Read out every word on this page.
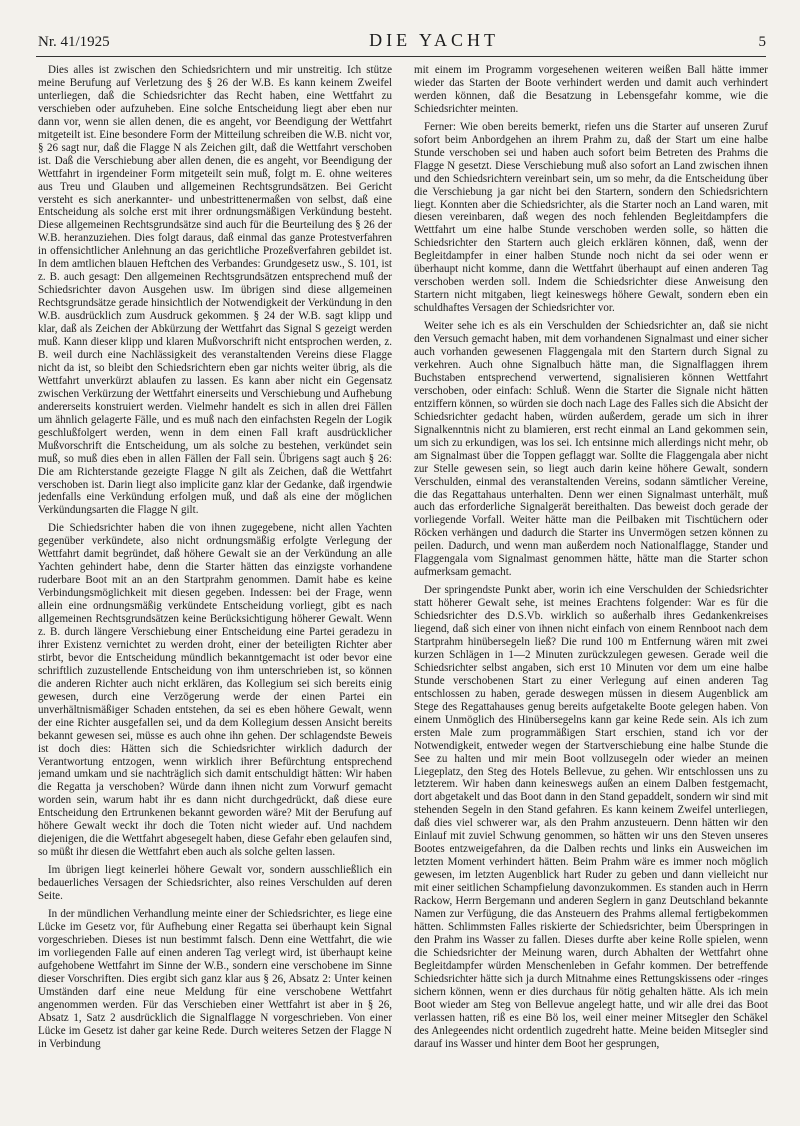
Nr. 41/1925	DIE YACHT	5

Dies alles ist zwischen den Schiedsrichtern und mir unstreitig. Ich stütze meine Berufung auf Verletzung des § 26 der W.B. Es kann keinem Zweifel unterliegen, daß die Schiedsrichter das Recht haben, eine Wettfahrt zu verschieben oder aufzuheben. Eine solche Entscheidung liegt aber eben nur dann vor, wenn sie allen denen, die es angeht, vor Beendigung der Wettfahrt mitgeteilt ist. Eine besondere Form der Mitteilung schreiben die W.B. nicht vor, § 26 sagt nur, daß die Flagge N als Zeichen gilt, daß die Wettfahrt verschoben ist. Daß die Verschiebung aber allen denen, die es angeht, vor Beendigung der Wettfahrt in irgendeiner Form mitgeteilt sein muß, folgt m. E. ohne weiteres aus Treu und Glauben und allgemeinen Rechtsgrundsätzen. Bei Gericht versteht es sich anerkannter- und unbestrittenermaßen von selbst, daß eine Entscheidung als solche erst mit ihrer ordnungsmäßigen Verkündung besteht. Diese allgemeinen Rechtsgrundsätze sind auch für die Beurteilung des § 26 der W.B. heranzuziehen. Dies folgt daraus, daß einmal das ganze Protestverfahren in offensichtlicher Anlehnung an das gerichtliche Prozeßverfahren gebildet ist. In dem amtlichen blauen Heftchen des Verbandes: Grundgesetz usw., S. 101, ist z. B. auch gesagt: Den allgemeinen Rechtsgrundsätzen entsprechend muß der Schiedsrichter davon Ausgehen usw. Im übrigen sind diese allgemeinen Rechtsgrundsätze gerade hinsichtlich der Notwendigkeit der Verkündung in den W.B. ausdrücklich zum Ausdruck gekommen. § 24 der W.B. sagt klipp und klar, daß als Zeichen der Abkürzung der Wettfahrt das Signal S gezeigt werden muß. Kann dieser klipp und klaren Mußvorschrift nicht entsprochen werden, z. B. weil durch eine Nachlässigkeit des veranstaltenden Vereins diese Flagge nicht da ist, so bleibt den Schiedsrichtern eben gar nichts weiter übrig, als die Wettfahrt unverkürzt ablaufen zu lassen. Es kann aber nicht ein Gegensatz zwischen Verkürzung der Wettfahrt einerseits und Verschiebung und Aufhebung andererseits konstruiert werden. Vielmehr handelt es sich in allen drei Fällen um ähnlich gelagerte Fälle, und es muß nach den einfachsten Regeln der Logik geschlußfolgert werden, wenn in dem einen Fall kraft ausdrücklicher Mußvorschrift die Entscheidung, um als solche zu bestehen, verkündet sein muß, so muß dies eben in allen Fällen der Fall sein. Übrigens sagt auch § 26: Die am Richterstande gezeigte Flagge N gilt als Zeichen, daß die Wettfahrt verschoben ist. Darin liegt also implicite ganz klar der Gedanke, daß irgendwie jedenfalls eine Verkündung erfolgen muß, und daß als eine der möglichen Verkündungsarten die Flagge N gilt.

Die Schiedsrichter haben die von ihnen zugegebene, nicht allen Yachten gegenüber verkündete, also nicht ordnungsmäßig erfolgte Verlegung der Wettfahrt damit begründet, daß höhere Gewalt sie an der Verkündung an alle Yachten gehindert habe, denn die Starter hätten das einzigste vorhandene ruderbare Boot mit an an den Startprahm genommen. Damit habe es keine Verbindungsmöglichkeit mit diesen gegeben. Indessen: bei der Frage, wenn allein eine ordnungsmäßig verkündete Entscheidung vorliegt, gibt es nach allgemeinen Rechtsgrundsätzen keine Berücksichtigung höherer Gewalt. Wenn z. B. durch längere Verschiebung einer Entscheidung eine Partei geradezu in ihrer Existenz vernichtet zu werden droht, einer der beteiligten Richter aber stirbt, bevor die Entscheidung mündlich bekanntgemacht ist oder bevor eine schriftlich zuzustellende Entscheidung von ihm unterschrieben ist, so können die anderen Richter auch nicht erklären, das Kollegium sei sich bereits einig gewesen, durch eine Verzögerung werde der einen Partei ein unverhältnismäßiger Schaden entstehen, da sei es eben höhere Gewalt, wenn der eine Richter ausgefallen sei, und da dem Kollegium dessen Ansicht bereits bekannt gewesen sei, müsse es auch ohne ihn gehen. Der schlagendste Beweis ist doch dies: Hätten sich die Schiedsrichter wirklich dadurch der Verantwortung entzogen, wenn wirklich ihrer Befürchtung entsprechend jemand umkam und sie nachträglich sich damit entschuldigt hätten: Wir haben die Regatta ja verschoben? Würde dann ihnen nicht zum Vorwurf gemacht worden sein, warum habt ihr es dann nicht durchgedrückt, daß diese eure Entscheidung den Ertrunkenen bekannt geworden wäre? Mit der Berufung auf höhere Gewalt weckt ihr doch die Toten nicht wieder auf. Und nachdem diejenigen, die die Wettfahrt abgesegelt haben, diese Gefahr eben gelaufen sind, so müßt ihr diesen die Wettfahrt eben auch als solche gelten lassen.

Im übrigen liegt keinerlei höhere Gewalt vor, sondern ausschließlich ein bedauerliches Versagen der Schiedsrichter, also reines Verschulden auf deren Seite.

In der mündlichen Verhandlung meinte einer der Schiedsrichter, es liege eine Lücke im Gesetz vor, für Aufhebung einer Regatta sei überhaupt kein Signal vorgeschrieben. Dieses ist nun bestimmt falsch. Denn eine Wettfahrt, die wie im vorliegenden Falle auf einen anderen Tag verlegt wird, ist überhaupt keine aufgehobene Wettfahrt im Sinne der W.B., sondern eine verschobene im Sinne dieser Vorschriften. Dies ergibt sich ganz klar aus § 26, Absatz 2: Unter keinen Umständen darf eine neue Meldung für eine verschobene Wettfahrt angenommen werden. Für das Verschieben einer Wettfahrt ist aber in § 26, Absatz 1, Satz 2 ausdrücklich die Signalflagge N vorgeschrieben. Von einer Lücke im Gesetz ist daher gar keine Rede. Durch weiteres Setzen der Flagge N in Verbindung

mit einem im Programm vorgesehenen weiteren weißen Ball hätte immer wieder das Starten der Boote verhindert werden und damit auch verhindert werden können, daß die Besatzung in Lebensgefahr komme, wie die Schiedsrichter meinten.

Ferner: Wie oben bereits bemerkt, riefen uns die Starter auf unseren Zuruf sofort beim Anbordgehen an ihrem Prahm zu, daß der Start um eine halbe Stunde verschoben sei und haben auch sofort beim Betreten des Prahms die Flagge N gesetzt. Diese Verschiebung muß also sofort an Land zwischen ihnen und den Schiedsrichtern vereinbart sein, um so mehr, da die Entscheidung über die Verschiebung ja gar nicht bei den Startern, sondern den Schiedsrichtern liegt. Konnten aber die Schiedsrichter, als die Starter noch an Land waren, mit diesen vereinbaren, daß wegen des noch fehlenden Begleitdampfers die Wettfahrt um eine halbe Stunde verschoben werden solle, so hätten die Schiedsrichter den Startern auch gleich erklären können, daß, wenn der Begleitdampfer in einer halben Stunde noch nicht da sei oder wenn er überhaupt nicht komme, dann die Wettfahrt überhaupt auf einen anderen Tag verschoben werden soll. Indem die Schiedsrichter diese Anweisung den Startern nicht mitgaben, liegt keineswegs höhere Gewalt, sondern eben ein schuldhaftes Versagen der Schiedsrichter vor.

Weiter sehe ich es als ein Verschulden der Schiedsrichter an, daß sie nicht den Versuch gemacht haben, mit dem vorhandenen Signalmast und einer sicher auch vorhanden gewesenen Flaggengala mit den Startern durch Signal zu verkehren. Auch ohne Signalbuch hätte man, die Signalflaggen ihrem Buchstaben entsprechend verwertend, signalisieren können Wettfahrt verschoben, oder einfach: Schluß. Wenn die Starter die Signale nicht hätten entziffern können, so würden sie doch nach Lage des Falles sich die Absicht der Schiedsrichter gedacht haben, würden außerdem, gerade um sich in ihrer Signalkenntnis nicht zu blamieren, erst recht einmal an Land gekommen sein, um sich zu erkundigen, was los sei. Ich entsinne mich allerdings nicht mehr, ob am Signalmast über die Toppen geflaggt war. Sollte die Flaggengala aber nicht zur Stelle gewesen sein, so liegt auch darin keine höhere Gewalt, sondern Verschulden, einmal des veranstaltenden Vereins, sodann sämtlicher Vereine, die das Regattahaus unterhalten. Denn wer einen Signalmast unterhält, muß auch das erforderliche Signalgerät bereithalten. Das beweist doch gerade der vorliegende Vorfall. Weiter hätte man die Peilbaken mit Tischtüchern oder Röcken verhängen und dadurch die Starter ins Unvermögen setzen können zu peilen. Dadurch, und wenn man außerdem noch Nationalflagge, Stander und Flaggengala vom Signalmast genommen hätte, hätte man die Starter schon aufmerksam gemacht.

Der springendste Punkt aber, worin ich eine Verschulden der Schiedsrichter statt höherer Gewalt sehe, ist meines Erachtens folgender: War es für die Schiedsrichter des D.S.Vb. wirklich so außerhalb ihres Gedankenkreises liegend, daß sich einer von ihnen nicht einfach von einem Rennboot nach dem Startprahm hinübersegeln ließ? Die rund 100 m Entfernung wären mit zwei kurzen Schlägen in 1—2 Minuten zurückzulegen gewesen. Gerade weil die Schiedsrichter selbst angaben, sich erst 10 Minuten vor dem um eine halbe Stunde verschobenen Start zu einer Verlegung auf einen anderen Tag entschlossen zu haben, gerade deswegen müssen in diesem Augenblick am Stege des Regattahauses genug bereits aufgetakelte Boote gelegen haben. Von einem Unmöglich des Hinübersegelns kann gar keine Rede sein. Als ich zum ersten Male zum programmäßigen Start erschien, stand ich vor der Notwendigkeit, entweder wegen der Startverschiebung eine halbe Stunde die See zu halten und mir mein Boot vollzusegeln oder wieder an meinen Liegeplatz, den Steg des Hotels Bellevue, zu gehen. Wir entschlossen uns zu letzterem. Wir haben dann keineswegs außen an einem Dalben festgemacht, dort abgetakelt und das Boot dann in den Stand gepaddelt, sondern wir sind mit stehenden Segeln in den Stand gefahren. Es kann keinem Zweifel unterliegen, daß dies viel schwerer war, als den Prahm anzusteuern. Denn hätten wir den Einlauf mit zuviel Schwung genommen, so hätten wir uns den Steven unseres Bootes entzweigefahren, da die Dalben rechts und links ein Ausweichen im letzten Moment verhindert hätten. Beim Prahm wäre es immer noch möglich gewesen, im letzten Augenblick hart Ruder zu geben und dann vielleicht nur mit einer seitlichen Schampfielung davonzukommen. Es standen auch in Herrn Rackow, Herrn Bergemann und anderen Seglern in ganz Deutschland bekannte Namen zur Verfügung, die das Ansteuern des Prahms allemal fertigbekommen hätten. Schlimmsten Falles riskierte der Schiedsrichter, beim Überspringen in den Prahm ins Wasser zu fallen. Dieses durfte aber keine Rolle spielen, wenn die Schiedsrichter der Meinung waren, durch Abhalten der Wettfahrt ohne Begleitdampfer würden Menschenleben in Gefahr kommen. Der betreffende Schiedsrichter hätte sich ja durch Mitnahme eines Rettungskissens oder -ringes sichern können, wenn er dies durchaus für nötig gehalten hätte. Als ich mein Boot wieder am Steg von Bellevue angelegt hatte, und wir alle drei das Boot verlassen hatten, riß es eine Bö los, weil einer meiner Mitsegler den Schäkel des Anlegeendes nicht ordentlich zugedreht hatte. Meine beiden Mitsegler sind darauf ins Wasser und hinter dem Boot her gesprungen,
